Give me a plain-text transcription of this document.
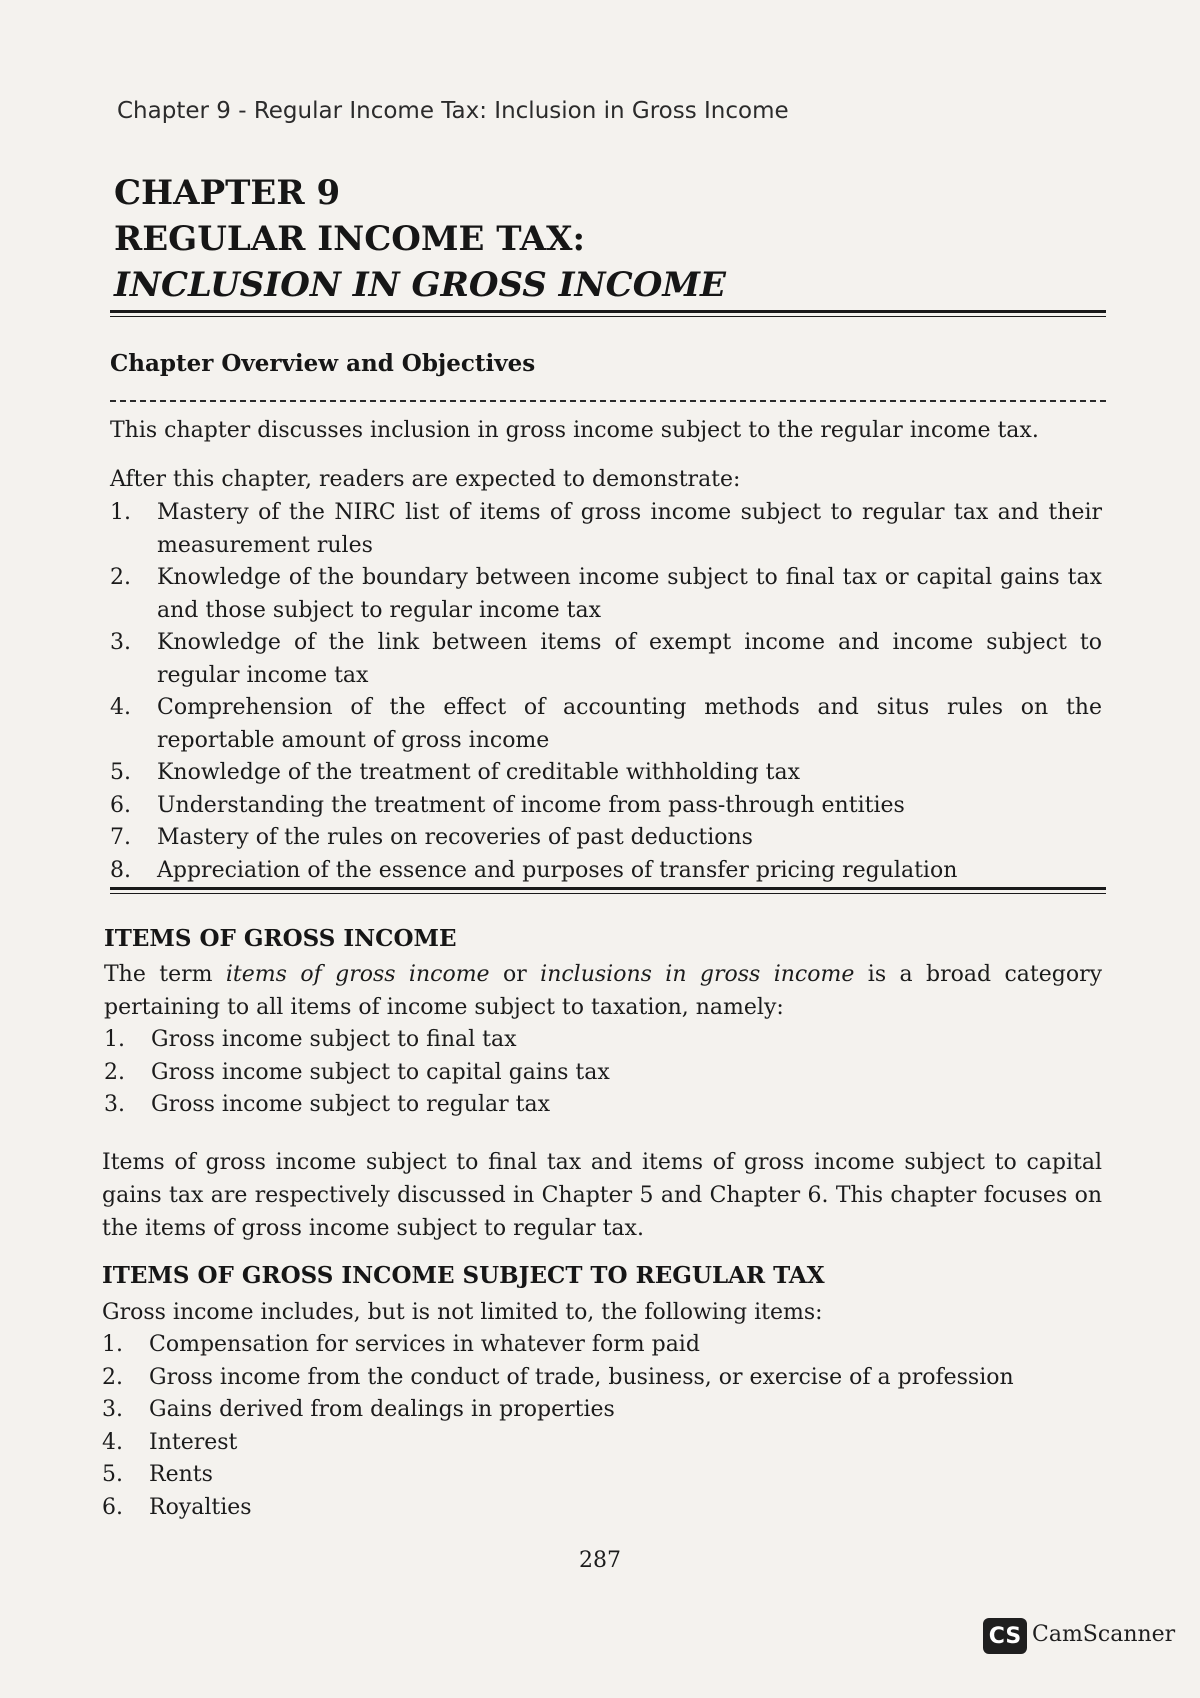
Chapter 9 - Regular Income Tax: Inclusion in Gross Income
CHAPTER 9
REGULAR INCOME TAX:
INCLUSION IN GROSS INCOME
Chapter Overview and Objectives

This chapter discusses inclusion in gross income subject to the regular income tax.

After this chapter, readers are expected to demonstrate:

1. Mastery of the NIRC list of items of gross income subject to regular tax and their measurement rules
2. Knowledge of the boundary between income subject to final tax or capital gains tax and those subject to regular income tax
3. Knowledge of the link between items of exempt income and income subject to regular income tax
4. Comprehension of the effect of accounting methods and situs rules on the reportable amount of gross income
5. Knowledge of the treatment of creditable withholding tax
6. Understanding the treatment of income from pass-through entities
7. Mastery of the rules on recoveries of past deductions
8. Appreciation of the essence and purposes of transfer pricing regulation
ITEMS OF GROSS INCOME

The term items of gross income or inclusions in gross income is a broad category pertaining to all items of income subject to taxation, namely:

1. Gross income subject to final tax
2. Gross income subject to capital gains tax
3. Gross income subject to regular tax

Items of gross income subject to final tax and items of gross income subject to capital gains tax are respectively discussed in Chapter 5 and Chapter 6. This chapter focuses on the items of gross income subject to regular tax.

ITEMS OF GROSS INCOME SUBJECT TO REGULAR TAX

Gross income includes, but is not limited to, the following items:

1. Compensation for services in whatever form paid
2. Gross income from the conduct of trade, business, or exercise of a profession
3. Gains derived from dealings in properties
4. Interest
5. Rents
6. Royalties
287
CS CamScanner
